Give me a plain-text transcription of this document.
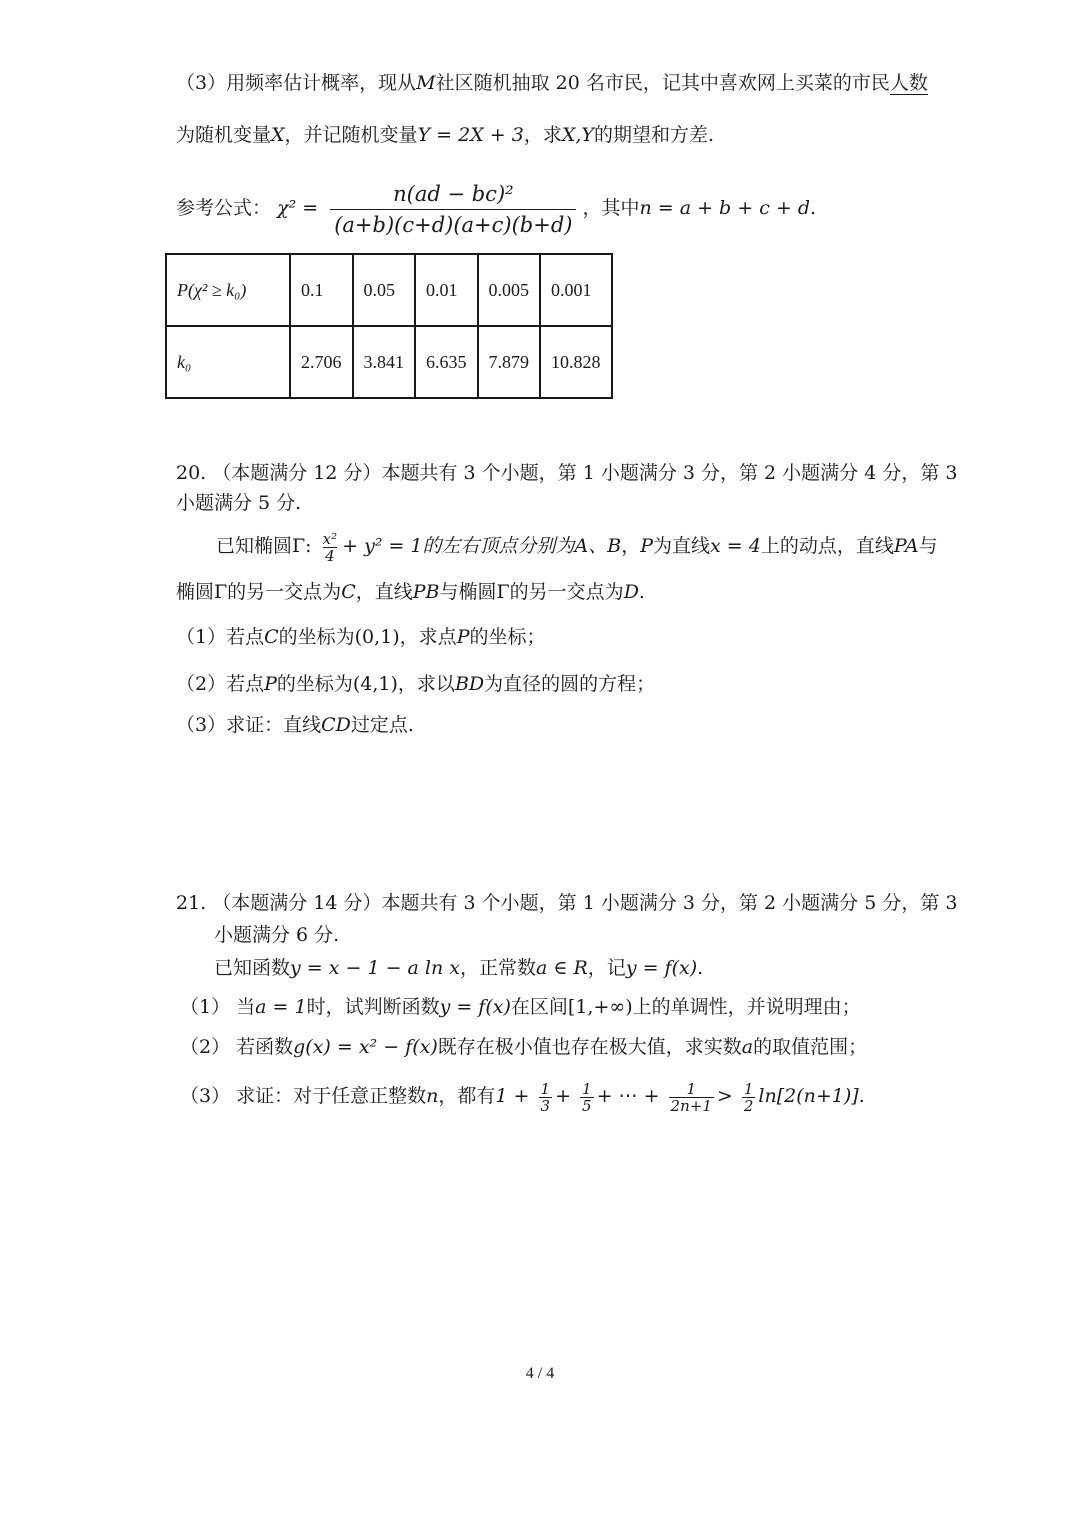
（3）用频率估计概率，现从M社区随机抽取 20 名市民，记其中喜欢网上买菜的市民人数
为随机变量X，并记随机变量Y = 2X + 3，求X,Y的期望和方差.
参考公式： $\chi^2 = \frac{\text{n(ad − bc)²}}{(a+b)(c+d)(a+c)(b+d)}$ ，其中n = a + b + c + d.
P(χ² ≥ k₀)	0.1	0.05	0.01	0.005	0.001
k₀	2.706	3.841	6.635	7.879	10.828
20. （本题满分 12 分）本题共有 3 个小题，第 1 小题满分 3 分，第 2 小题满分 4 分，第 3
小题满分 5 分.
已知椭圆Γ: $\frac{\text{x²}}{4} + y^2 = 1$的左右顶点分别为A、B，P为直线x = 4上的动点，直线PA与
椭圆Γ的另一交点为C，直线PB与椭圆Γ的另一交点为D.
（1）若点C的坐标为(0,1)，求点P的坐标；
（2）若点P的坐标为(4,1)，求以BD为直径的圆的方程；
（3）求证：直线CD过定点.
21. （本题满分 14 分）本题共有 3 个小题，第 1 小题满分 3 分，第 2 小题满分 5 分，第 3
小题满分 6 分.
已知函数y = x − 1 − a ln x，正常数a ∈ R，记y = f(x).
（1） 当a = 1时，试判断函数y = f(x)在区间[1,+∞)上的单调性，并说明理由；
（2） 若函数g(x) = x² − f(x)既存在极小值也存在极大值，求实数a的取值范围；
（3） 求证：对于任意正整数n，都有$1 + \frac{1}{3} + \frac{1}{5}$ + ⋯ + $\frac{1}{2n+1} > \frac{1}{2} \ln[2(n+1)]$.
4 / 4
